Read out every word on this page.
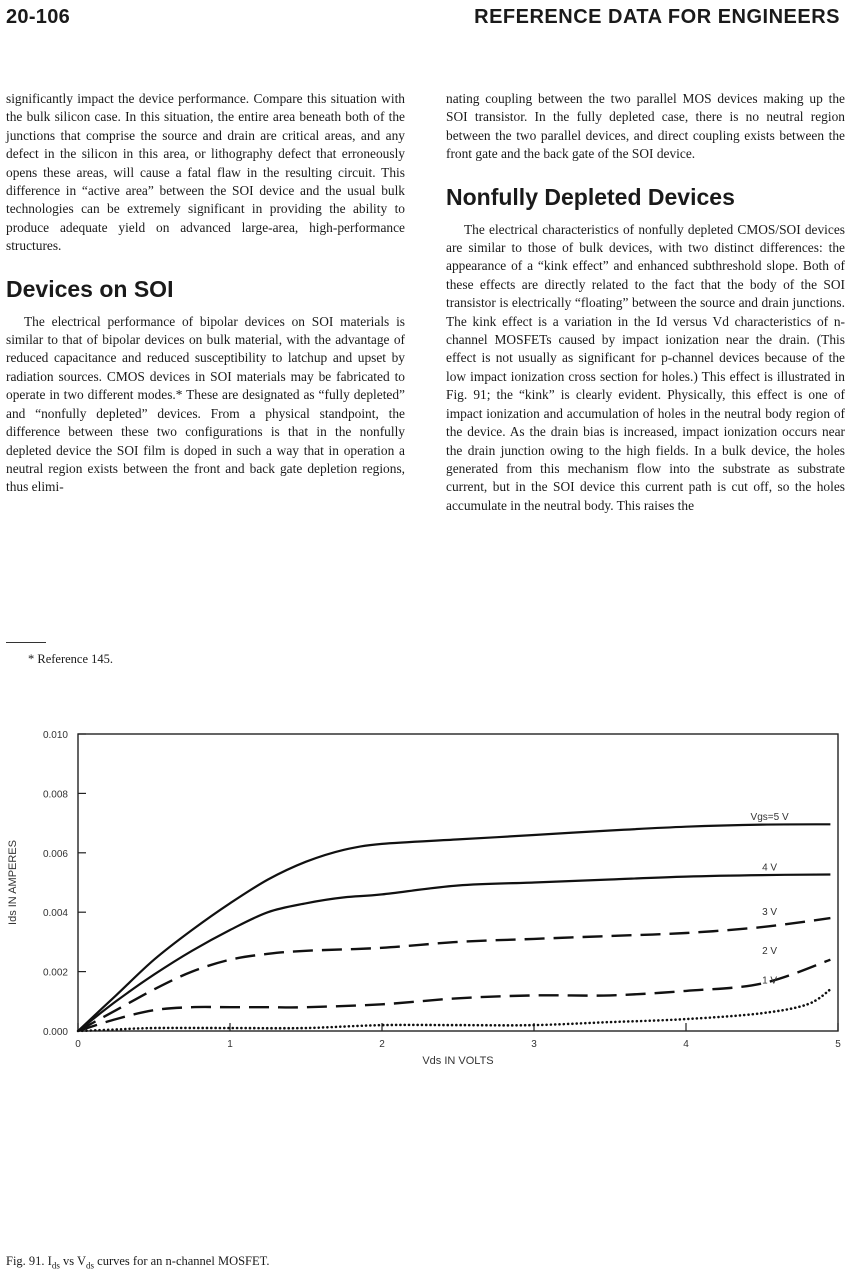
20-106	REFERENCE DATA FOR ENGINEERS

significantly impact the device performance. Compare this situation with the bulk silicon case. In this situation, the entire area beneath both of the junctions that comprise the source and drain are critical areas, and any defect in the silicon in this area, or lithography defect that erroneously opens these areas, will cause a fatal flaw in the resulting circuit. This difference in “active area” between the SOI device and the usual bulk technologies can be extremely significant in providing the ability to produce adequate yield on advanced large-area, high-performance structures.

Devices on SOI

The electrical performance of bipolar devices on SOI materials is similar to that of bipolar devices on bulk material, with the advantage of reduced capacitance and reduced susceptibility to latchup and upset by radiation sources. CMOS devices in SOI materials may be fabricated to operate in two different modes.* These are designated as “fully depleted” and “nonfully depleted” devices. From a physical standpoint, the difference between these two configurations is that in the nonfully depleted device the SOI film is doped in such a way that in operation a neutral region exists between the front and back gate depletion regions, thus elimi-

* Reference 145.

nating coupling between the two parallel MOS devices making up the SOI transistor. In the fully depleted case, there is no neutral region between the two parallel devices, and direct coupling exists between the front gate and the back gate of the SOI device.

Nonfully Depleted Devices

The electrical characteristics of nonfully depleted CMOS/SOI devices are similar to those of bulk devices, with two distinct differences: the appearance of a “kink effect” and enhanced subthreshold slope. Both of these effects are directly related to the fact that the body of the SOI transistor is electrically “floating” between the source and drain junctions. The kink effect is a variation in the Id versus Vd characteristics of n-channel MOSFETs caused by impact ionization near the drain. (This effect is not usually as significant for p-channel devices because of the low impact ionization cross section for holes.) This effect is illustrated in Fig. 91; the “kink” is clearly evident. Physically, this effect is one of impact ionization and accumulation of holes in the neutral body region of the device. As the drain bias is increased, impact ionization occurs near the drain junction owing to the high fields. In a bulk device, the holes generated from this mechanism flow into the substrate as substrate current, but in the SOI device this current path is cut off, so the holes accumulate in the neutral body. This raises the

0	1	2	3	4	5
0.000
0.002
0.004
0.006
0.008
0.010
Vds IN VOLTS
Ids IN AMPERES
Vgs=5 V
4 V
3 V
2 V
1 V
Fig. 91. $I_{ds}$ vs $V_{ds}$ curves for an n-channel MOSFET.
